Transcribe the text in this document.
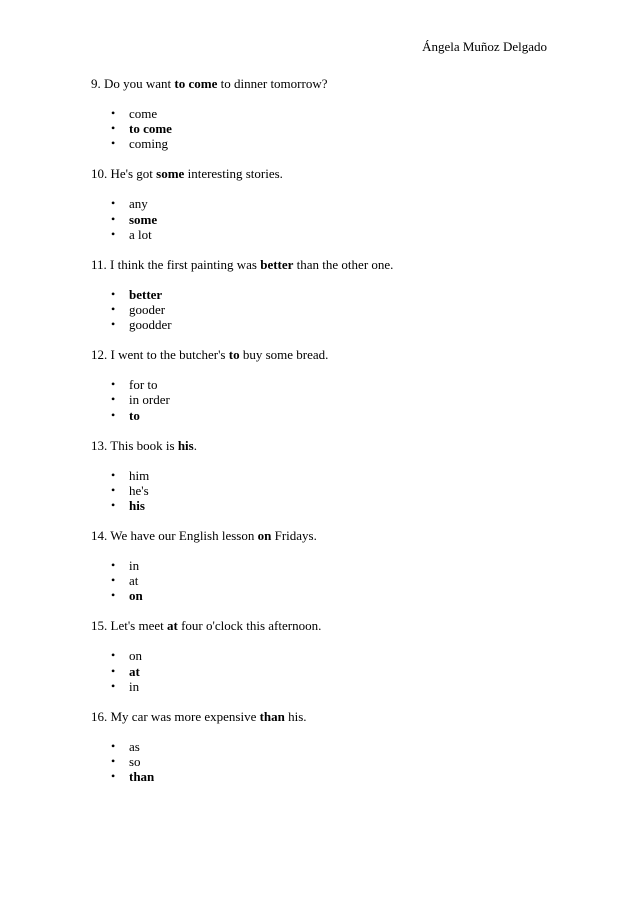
Ángela Muñoz Delgado

9. Do you want to come to dinner tomorrow?

• come
• to come
• coming

10. He's got some interesting stories.

• any
• some
• a lot

11. I think the first painting was better than the other one.

• better
• gooder
• goodder

12. I went to the butcher's to buy some bread.

• for to
• in order
• to

13. This book is his.

• him
• he's
• his

14. We have our English lesson on Fridays.

• in
• at
• on

15. Let's meet at four o'clock this afternoon.

• on
• at
• in

16. My car was more expensive than his.

• as
• so
• than
